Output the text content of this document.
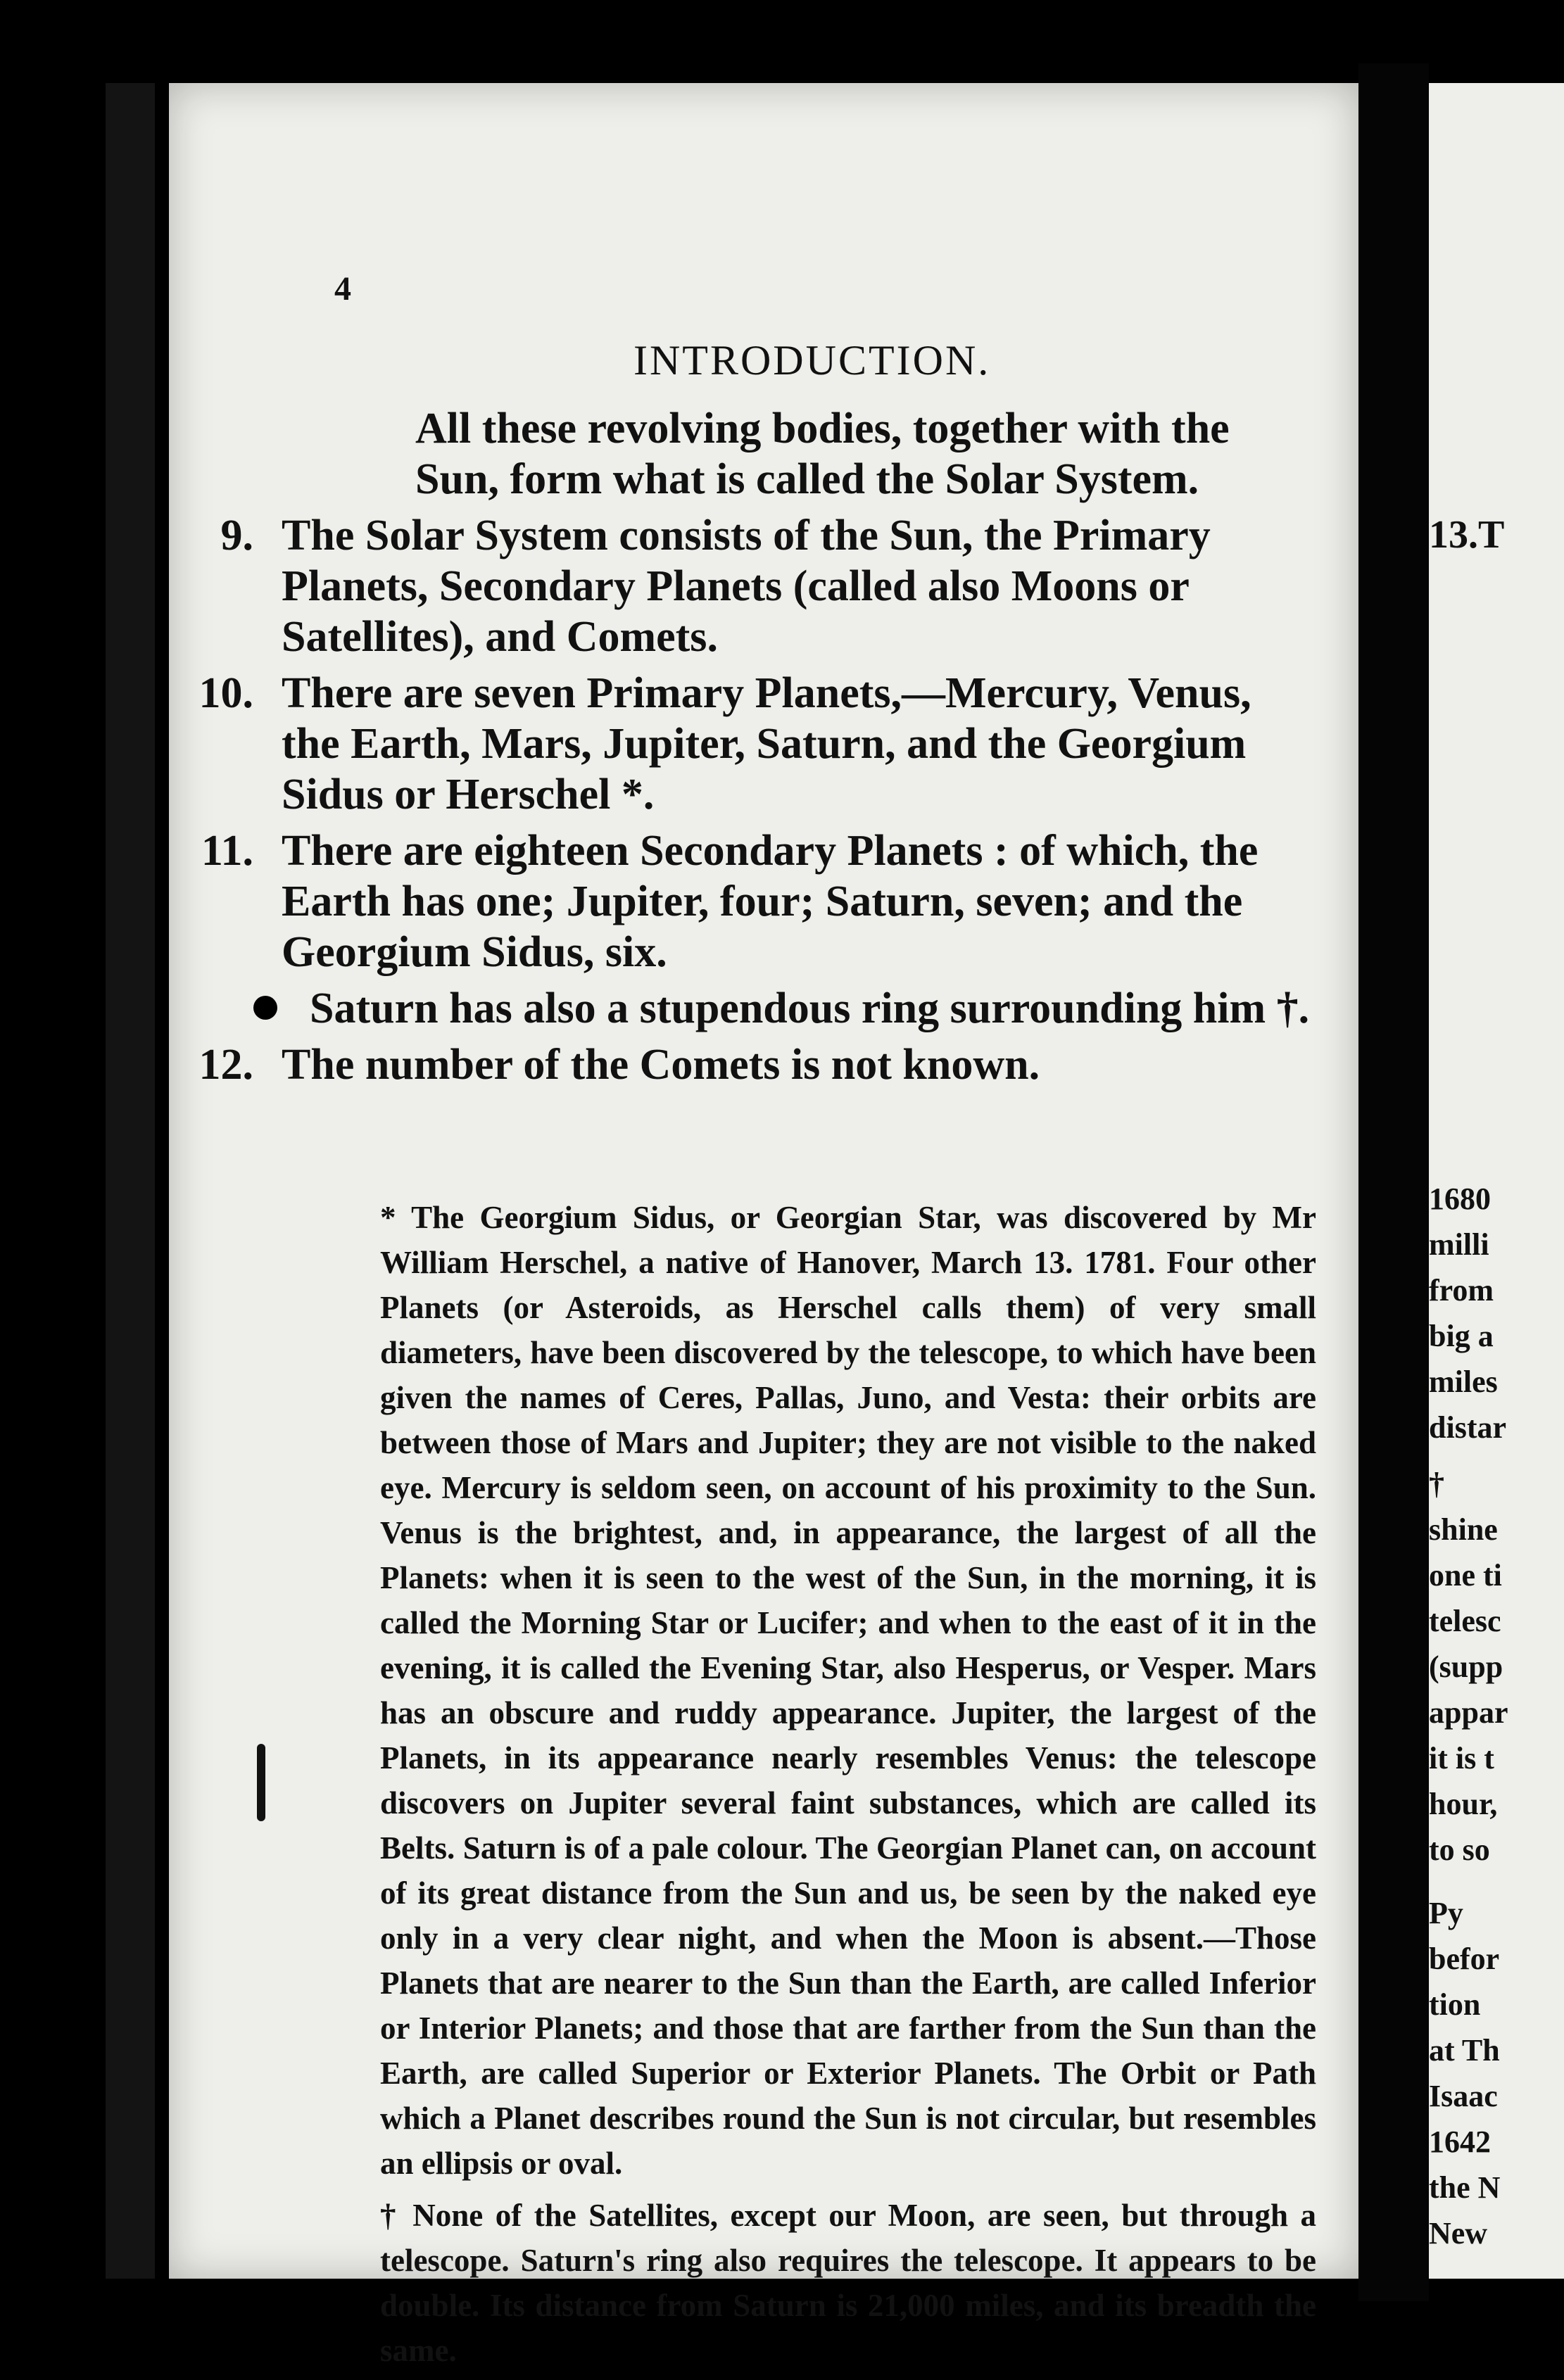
4
INTRODUCTION.
All these revolving bodies, together with the Sun, form what is called the Solar System.
9. The Solar System consists of the Sun, the Primary Planets, Secondary Planets (called also Moons or Satellites), and Comets.
10. There are seven Primary Planets,—Mercury, Venus, the Earth, Mars, Jupiter, Saturn, and the Georgium Sidus or Herschel *.
11. There are eighteen Secondary Planets : of which, the Earth has one; Jupiter, four; Saturn, seven; and the Georgium Sidus, six.
Saturn has also a stupendous ring surrounding him †.
12. The number of the Comets is not known.

* The Georgium Sidus, or Georgian Star, was discovered by Mr William Herschel, a native of Hanover, March 13. 1781. Four other Planets (or Asteroids, as Herschel calls them) of very small diameters, have been discovered by the telescope, to which have been given the names of Ceres, Pallas, Juno, and Vesta: their orbits are between those of Mars and Jupiter; they are not visible to the naked eye. Mercury is seldom seen, on account of his proximity to the Sun. Venus is the brightest, and, in appearance, the largest of all the Planets: when it is seen to the west of the Sun, in the morning, it is called the Morning Star or Lucifer; and when to the east of it in the evening, it is called the Evening Star, also Hesperus, or Vesper. Mars has an obscure and ruddy appearance. Jupiter, the largest of the Planets, in its appearance nearly resembles Venus: the telescope discovers on Jupiter several faint substances, which are called its Belts. Saturn is of a pale colour. The Georgian Planet can, on account of its great distance from the Sun and us, be seen by the naked eye only in a very clear night, and when the Moon is absent.—Those Planets that are nearer to the Sun than the Earth, are called Inferior or Interior Planets; and those that are farther from the Sun than the Earth, are called Superior or Exterior Planets. The Orbit or Path which a Planet describes round the Sun is not circular, but resembles an ellipsis or oval.

† None of the Satellites, except our Moon, are seen, but through a telescope. Saturn's ring also requires the telescope. It appears to be double. Its distance from Saturn is 21,000 miles, and its breadth the same.

13.T
1680
milli
from
big a
miles
distar
†
shine
one ti
telesc
(supp
appar
it is t
hour,
to so
Py
befor
tion
at Th
Isaac
1642
the N
New
